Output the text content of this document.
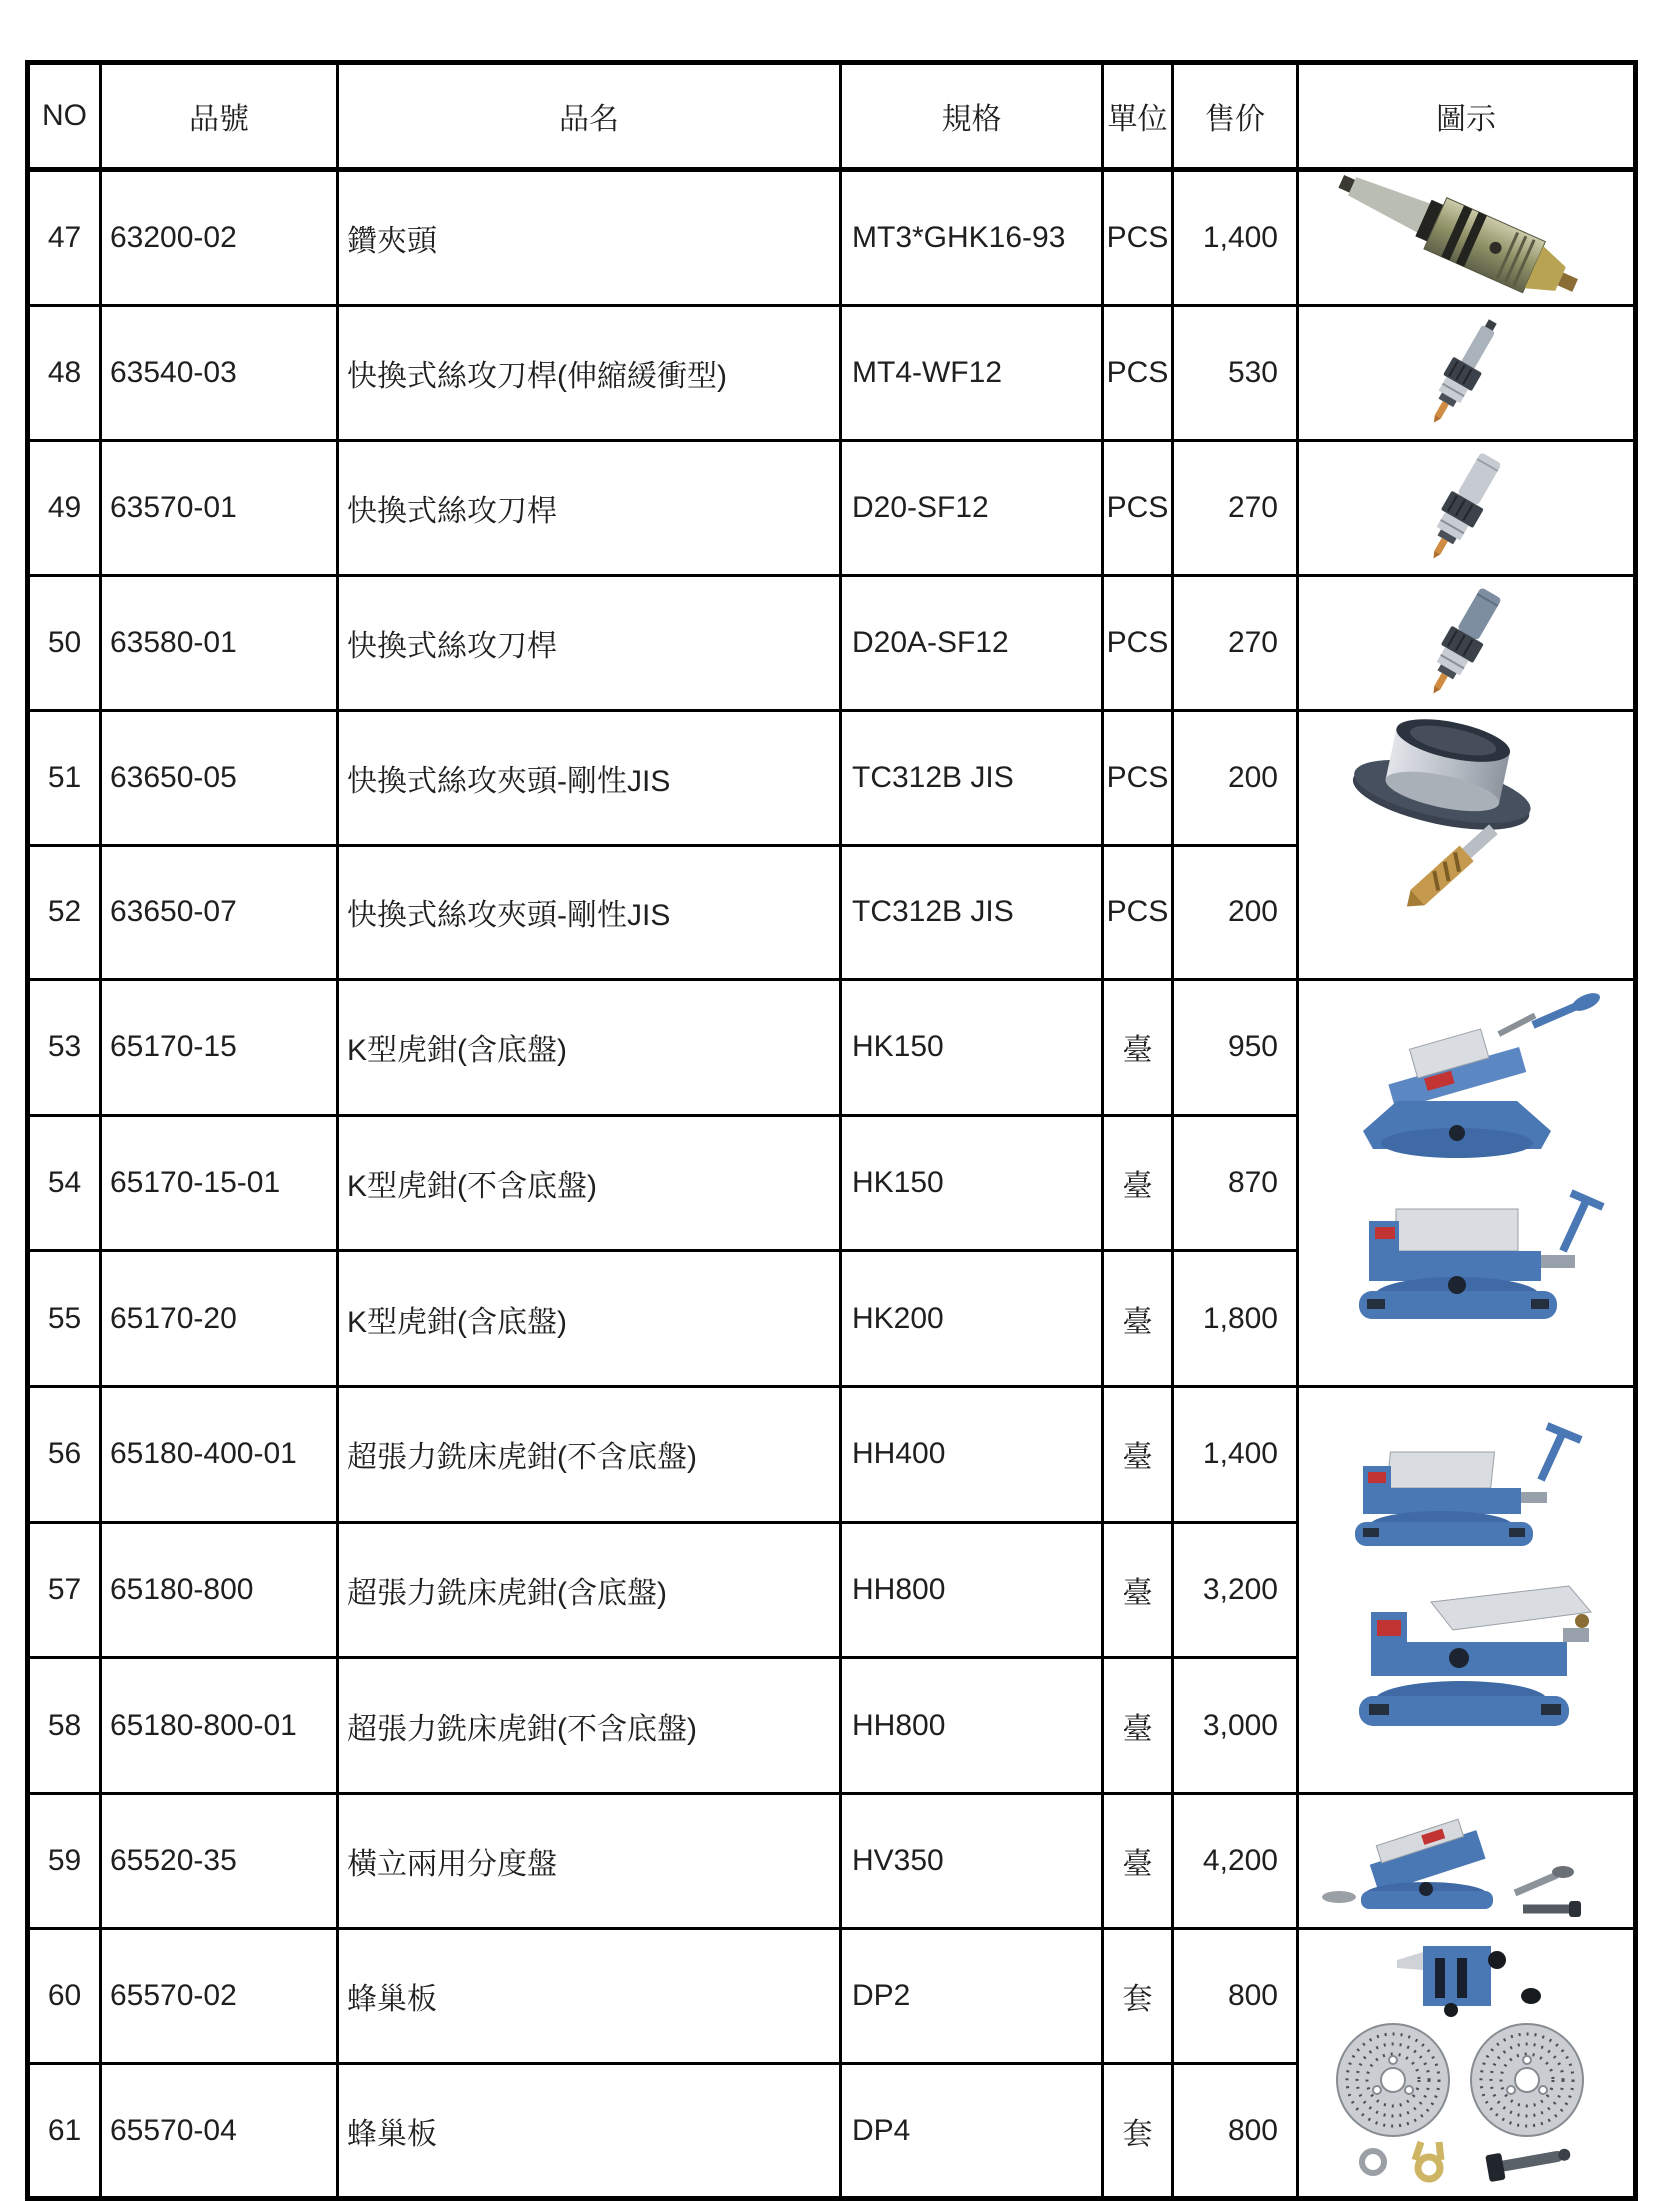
NO	品號	品名	規格	單位	售价	圖示
47	63200-02	鑽夾頭	MT3*GHK16-93	PCS	1,400	

48	63540-03	快換式絲攻刀桿(伸縮緩衝型)	MT4-WF12	PCS	530	

49	63570-01	快換式絲攻刀桿	D20-SF12	PCS	270	

50	63580-01	快換式絲攻刀桿	D20A-SF12	PCS	270	

51	63650-05	快換式絲攻夾頭-剛性JIS	TC312B JIS	PCS	200	

52	63650-07	快換式絲攻夾頭-剛性JIS	TC312B JIS	PCS	200	
53	65170-15	K型虎鉗(含底盤)	HK150	臺	950	

54	65170-15-01	K型虎鉗(不含底盤)	HK150	臺	870	
55	65170-20	K型虎鉗(含底盤)	HK200	臺	1,800	
56	65180-400-01	超張力銑床虎鉗(不含底盤)	HH400	臺	1,400	

57	65180-800	超張力銑床虎鉗(含底盤)	HH800	臺	3,200	
58	65180-800-01	超張力銑床虎鉗(不含底盤)	HH800	臺	3,000	
59	65520-35	橫立兩用分度盤	HV350	臺	4,200	

60	65570-02	蜂巢板	DP2	套	800	

61	65570-04	蜂巢板	DP4	套	800	
